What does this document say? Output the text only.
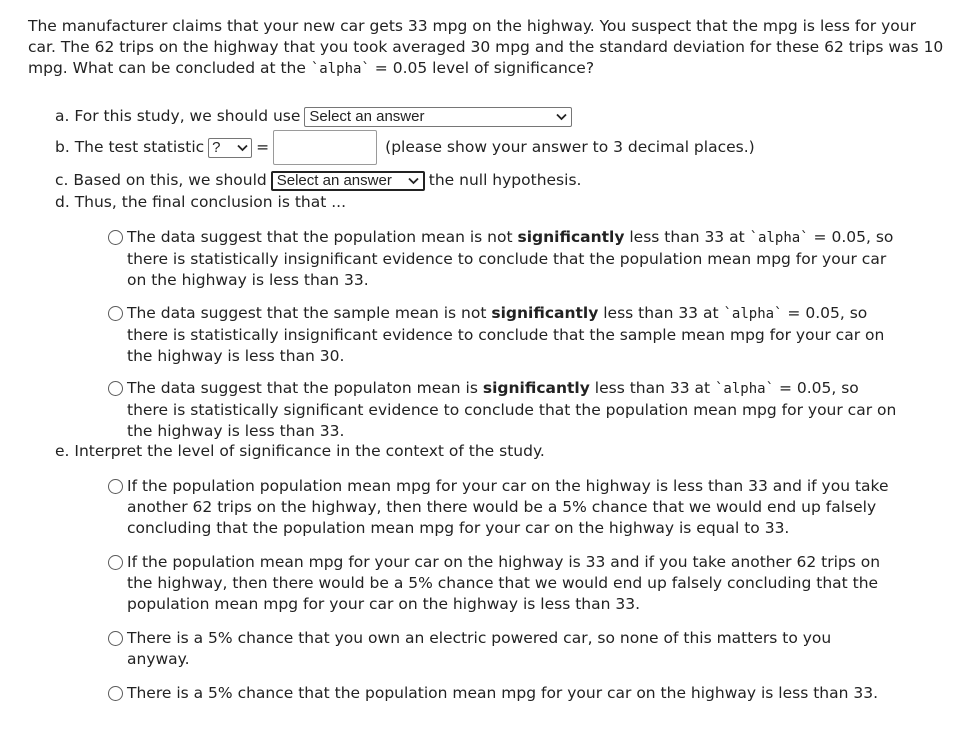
The manufacturer claims that your new car gets 33 mpg on the highway. You suspect that the mpg is less for your car. The 62 trips on the highway that you took averaged 30 mpg and the standard deviation for these 62 trips was 10 mpg. What can be concluded at the `alpha` = 0.05 level of significance?
a. For this study, we should use Select an answer
b. The test statistic ? =	(please show your answer to 3 decimal places.)
c. Based on this, we should Select an answer the null hypothesis.
d. Thus, the final conclusion is that ...
The data suggest that the population mean is not significantly less than 33 at `alpha` = 0.05, so there is statistically insignificant evidence to conclude that the population mean mpg for your car on the highway is less than 33.
The data suggest that the sample mean is not significantly less than 33 at `alpha` = 0.05, so there is statistically insignificant evidence to conclude that the sample mean mpg for your car on the highway is less than 30.
The data suggest that the populaton mean is significantly less than 33 at `alpha` = 0.05, so there is statistically significant evidence to conclude that the population mean mpg for your car on the highway is less than 33.
e. Interpret the level of significance in the context of the study.
If the population population mean mpg for your car on the highway is less than 33 and if you take another 62 trips on the highway, then there would be a 5% chance that we would end up falsely concluding that the population mean mpg for your car on the highway is equal to 33.
If the population mean mpg for your car on the highway is 33 and if you take another 62 trips on the highway, then there would be a 5% chance that we would end up falsely concluding that the population mean mpg for your car on the highway is less than 33.
There is a 5% chance that you own an electric powered car, so none of this matters to you anyway.
There is a 5% chance that the population mean mpg for your car on the highway is less than 33.
